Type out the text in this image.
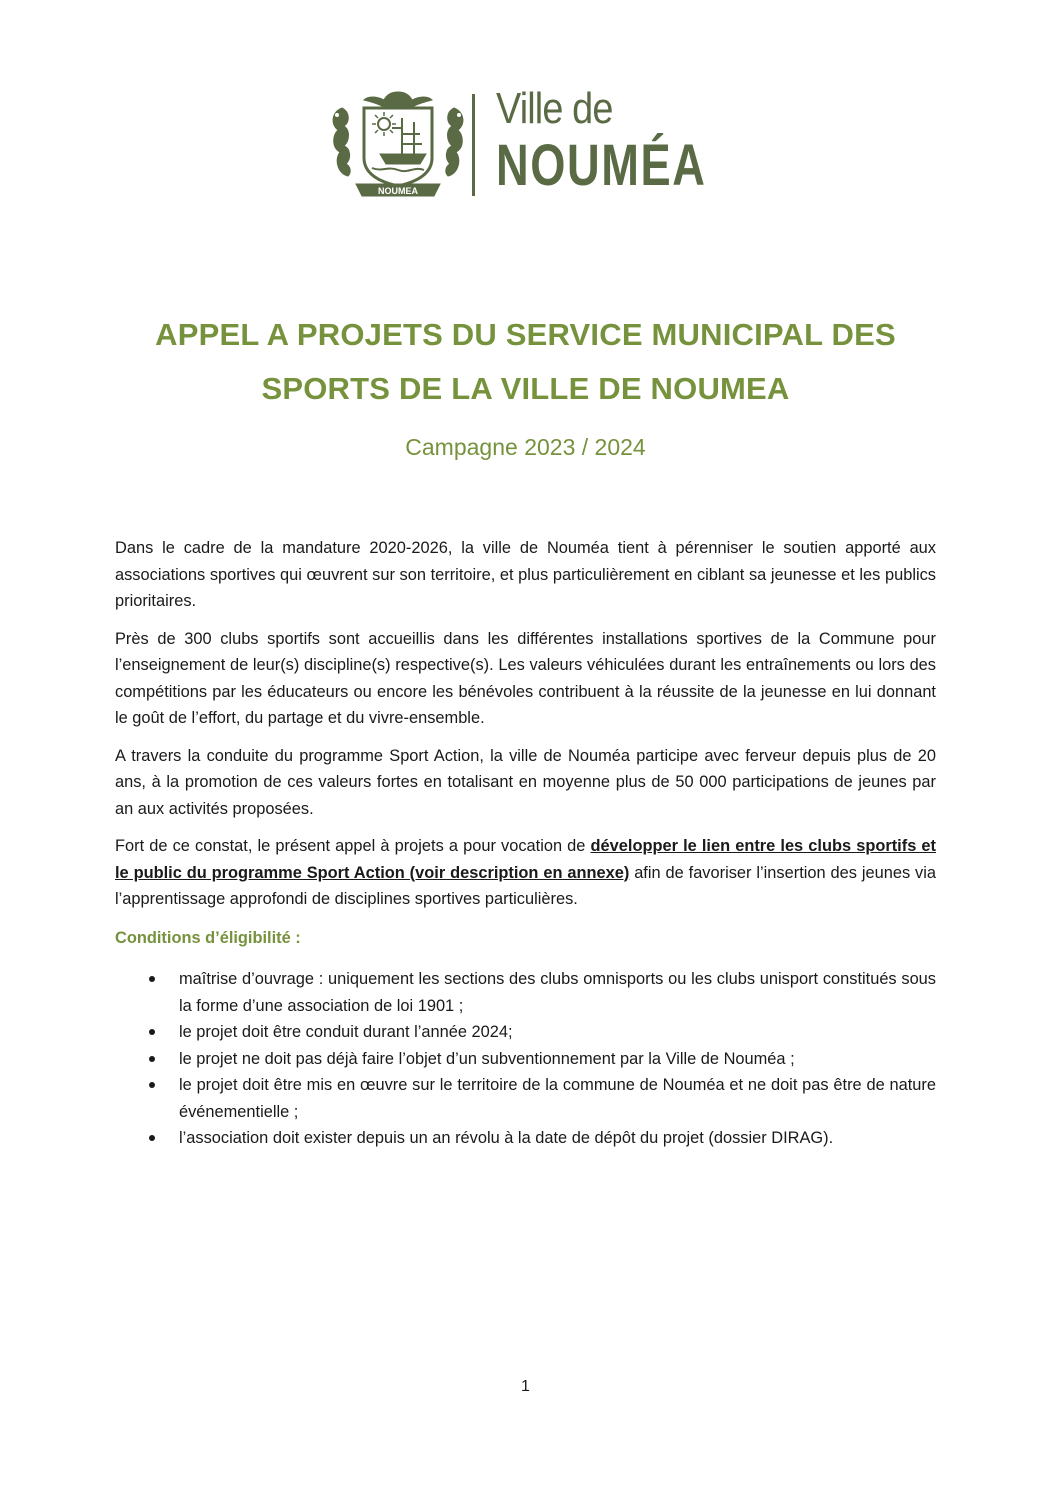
NOUMEA
Ville de
NOUMÉA
APPEL A PROJETS DU SERVICE MUNICIPAL DES
SPORTS DE LA VILLE DE NOUMEA
Campagne 2023 / 2024

Dans le cadre de la mandature 2020-2026, la ville de Nouméa tient à pérenniser le soutien apporté aux associations sportives qui œuvrent sur son territoire, et plus particulièrement en ciblant sa jeunesse et les publics prioritaires.

Près de 300 clubs sportifs sont accueillis dans les différentes installations sportives de la Commune pour l’enseignement de leur(s) discipline(s) respective(s). Les valeurs véhiculées durant les entraînements ou lors des compétitions par les éducateurs ou encore les bénévoles contribuent à la réussite de la jeunesse en lui donnant le goût de l’effort, du partage et du vivre-ensemble.

A travers la conduite du programme Sport Action, la ville de Nouméa participe avec ferveur depuis plus de 20 ans, à la promotion de ces valeurs fortes en totalisant en moyenne plus de 50 000 participations de jeunes par an aux activités proposées.

Fort de ce constat, le présent appel à projets a pour vocation de développer le lien entre les clubs sportifs et le public du programme Sport Action (voir description en annexe) afin de favoriser l’insertion des jeunes via l’apprentissage approfondi de disciplines sportives particulières.

Conditions d’éligibilité :

maîtrise d’ouvrage : uniquement les sections des clubs omnisports ou les clubs unisport constitués sous la forme d’une association de loi 1901 ;
le projet doit être conduit durant l’année 2024;
le projet ne doit pas déjà faire l’objet d’un subventionnement par la Ville de Nouméa ;
le projet doit être mis en œuvre sur le territoire de la commune de Nouméa et ne doit pas être de nature événementielle ;
l’association doit exister depuis un an révolu à la date de dépôt du projet (dossier DIRAG).
1
